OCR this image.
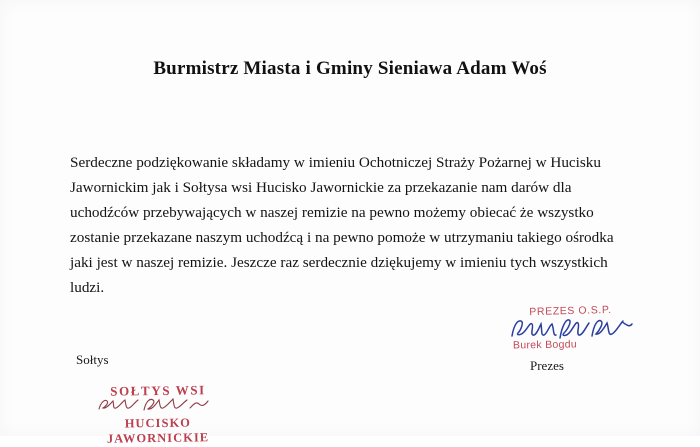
Burmistrz Miasta i Gminy Sieniawa Adam Woś
Serdeczne podziękowanie składamy w imieniu Ochotniczej Straży Pożarnej w Hucisku Jawornickim jak i Sołtysa wsi Hucisko Jawornickie za przekazanie nam darów dla uchodźców przebywających w naszej remizie na pewno możemy obiecać że wszystko zostanie przekazane naszym uchodźcą i na pewno pomoże w utrzymaniu takiego ośrodka jaki jest w naszej remizie. Jeszcze raz serdecznie dziękujemy w imieniu tych wszystkich ludzi.
Sołtys	Prezes
PREZES O.S.P.
Burek Bogdu
SOŁTYS WSI
HUCISKO JAWORNICKIE
